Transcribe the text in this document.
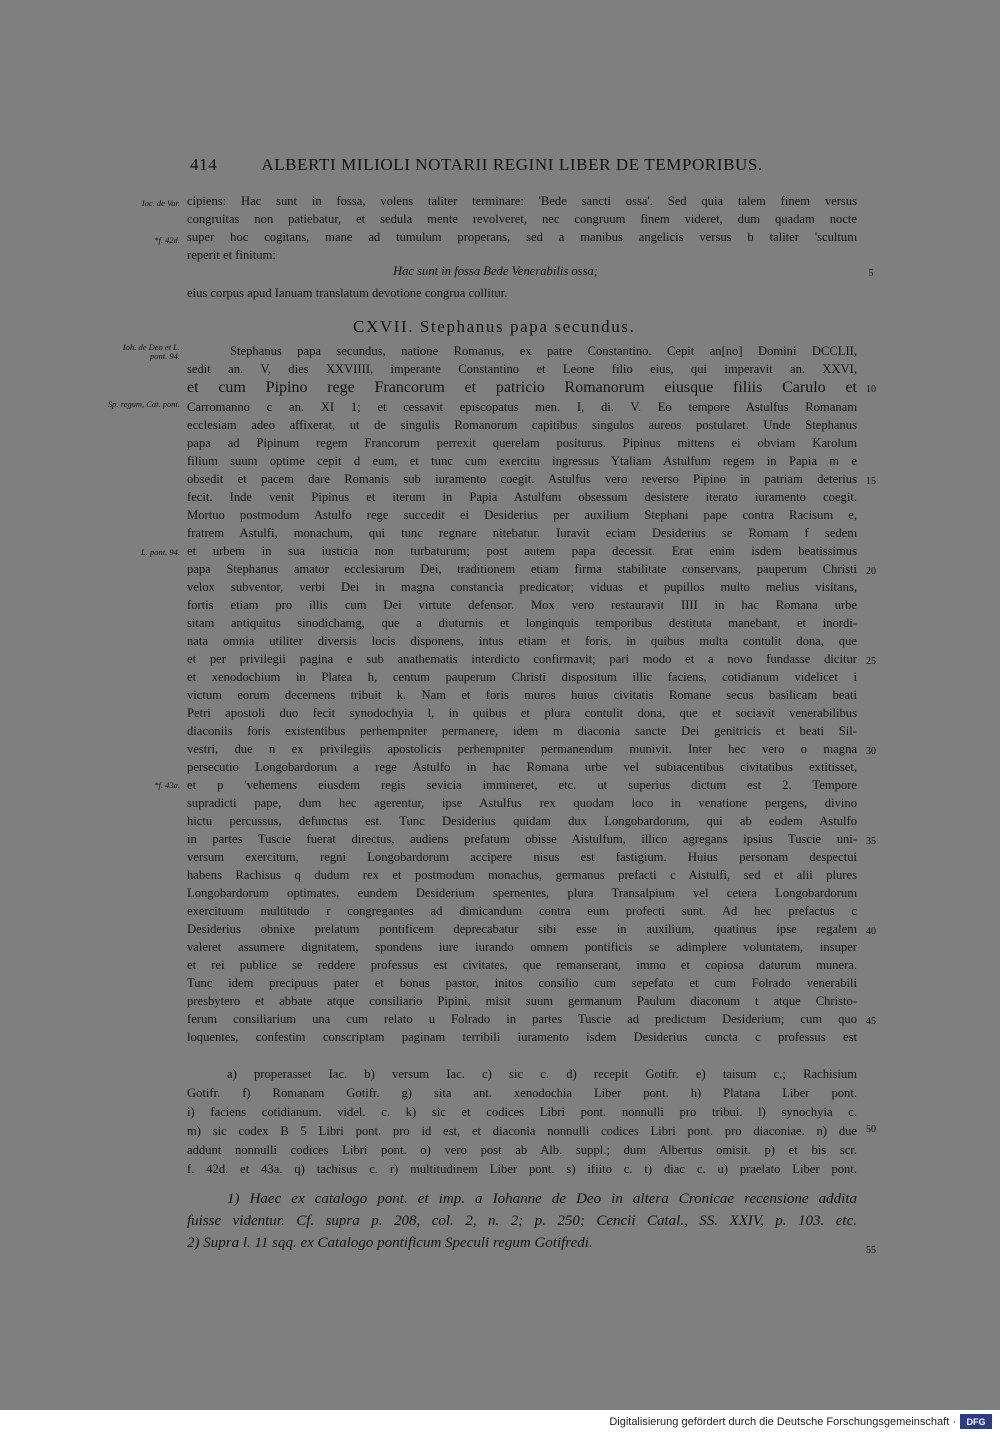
414	ALBERTI MILIOLI NOTARII REGINI LIBER DE TEMPORIBUS.
Ioc. de Var.
*f. 42d.
Ioh. de Deo et L. pont. 94.
Sp. regum, Cat. pont.
L. pont. 94.
*f. 43a.
5
10
15
20
25
30
35
40
45
50
55

cipiens: Hac sunt in fossa, volens taliter terminare: 'Bede sancti ossa'. Sed quia talem finem versus

congruitas non patiebatur, et sedula mente revolveret, nec congruum finem videret, dum quadam nocte

super hoc cogitans, mane ad tumulum properans, sed a manibus angelicis versus b taliter 'scultum

reperit et finitum:

Hac sunt in fossa Bede Venerabilis ossa;

eius corpus apud Ianuam translatum devotione congrua collitur.

CXVII. Stephanus papa secundus.

Stephanus papa secundus, natione Romanus, ex patre Constantino. Cepit an[no] Domini DCCLII,

sedit an. V, dies XXVIIII, imperante Constantino et Leone filio eius, qui imperavit an. XXVI,

et cum Pipino rege Francorum et patricio Romanorum eiusque filiis Carulo et

Carromanno c an. XI 1; et cessavit episcopatus men. I, di. V. Eo tempore Astulfus Romanam

ecclesiam adeo affixerat, ut de singulis Romanorum capitibus singulos aureos postularet. Unde Stephanus

papa ad Pipinum regem Francorum perrexit querelam positurus. Pipinus mittens ei obviam Karolum

filium suum optime cepit d eum, et tunc cum exercitu ingressus Ytaliam Astulfum regem in Papia m e

obsedit et pacem dare Romanis sub iuramento coegit. Astulfus vero reverso Pipino in patriam deterius

fecit. Inde venit Pipinus et iterum in Papia Astulfum obsessum desistere iterato iuramento coegit.

Mortuo postmodum Astulfo rege succedit ei Desiderius per auxilium Stephani pape contra Racisum e,

fratrem Astulfi, monachum, qui tunc regnare nitebatur. Iuravit eciam Desiderius se Romam f sedem

et urbem in sua iusticia non turbaturum; post autem papa decessit. Erat enim isdem beatissimus

papa Stephanus amator ecclesiarum Dei, traditionem etiam firma stabilitate conservans, pauperum Christi

velox subventor, verbi Dei in magna constancia predicator; viduas et pupillos multo melius visitans,

fortis etiam pro illis cum Dei virtute defensor. Mox vero restauravit IIII in hac Romana urbe

sitam antiquitus sinodichamg, que a diuturnis et longinquis temporibus destituta manebant, et inordi-

nata omnia utiliter diversis locis disponens, intus etiam et foris, in quibus multa contulit dona, que

et per privilegii pagina e sub anathematis interdicto confirmavit; pari modo et a novo fundasse dicitur

et xenodochium in Platea h, centum pauperum Christi dispositum illic faciens, cotidianum videlicet i

victum eorum decernens tribuit k. Nam et foris muros huius civitatis Romane secus basilicam beati

Petri apostoli duo fecit synodochyia l, in quibus et plura contulit dona, que et sociavit venerabilibus

diaconiis foris existentibus perhempniter permanere, idem m diaconia sancte Dei genitricis et beati Sil-

vestri, due n ex privilegiis apostolicis perhempniter permanendum munivit. Inter hec vero o magna

persecutio Longobardorum a rege Astulfo in hac Romana urbe vel subiacentibus civitatibus extitisset,

et p 'vehemens eiusdem regis sevicia immineret, etc. ut superius dictum est 2. Tempore

supradicti pape, dum hec agerentur, ipse Astulfus rex quodam loco in venatione pergens, divino

hictu percussus, defunctus est. Tunc Desiderius quidam dux Longobardorum, qui ab eodem Astulfo

in partes Tuscie fuerat directus, audiens prefatum obisse Aistulfum, illico agregans ipsius Tuscie uni-

versum exercitum, regni Longobardorum accipere nisus est fastigium. Huius personam despectui

habens Rachisus q dudum rex et postmodum monachus, germanus prefacti c Aistulfi, sed et alii plures

Longobardorum optimates, eundem Desiderium spernentes, plura Transalpium vel cetera Longobardorum

exercituum multitudo r congregantes ad dimicandum contra eum profecti sunt. Ad hec prefactus c

Desiderius obnixe prelatum pontificem deprecabatur sibi esse in auxilium, quatinus ipse regalem

valeret assumere dignitatem, spondens iure iurando omnem pontificis se adimplere voluntatem, insuper

et rei publice se reddere professus est civitates, que remanserant, immo et copiosa daturum munera.

Tunc idem precipuus pater et bonus pastor, initos consilio cum sepefato et cum Folrado venerabili

presbytero et abbate atque consiliario Pipini, misit suum germanum Paulum diaconum t atque Christo-

ferum consiliarium una cum relato u Folrado in partes Tuscie ad predictum Desiderium; cum quo

loquentes, confestim conscriptam paginam terribili iuramento isdem Desiderius cuncta c professus est

a) properasset Iac. b) versum Iac. c) sic c. d) recepit Gotifr. e) taisum c.; Rachisium

Gotifr. f) Romanam Gotifr. g) sita ant. xenodochia Liber pont. h) Platana Liber pont.

i) faciens cotidianum. videl. c. k) sic et codices Libri pont. nonnulli pro tribui. l) synochyia c.

m) sic codex B 5 Libri pont. pro id est, et diaconia nonnulli codices Libri pont. pro diaconiae. n) due

addunt nonnulli codices Libri pont. o) vero post ab Alb. suppl.; dum Albertus omisit. p) et bis scr.

f. 42d. et 43a. q) tachisus c. r) multitudinem Liber pont. s) ifiito c. t) diac c. u) praelato Liber pont.

1) Haec ex catalogo pont. et imp. a Iohanne de Deo in altera Cronicae recensione addita

fuisse videntur. Cf. supra p. 208, col. 2, n. 2; p. 250; Cencii Catal., SS. XXIV, p. 103. etc.

2) Supra l. 11 sqq. ex Catalogo pontificum Speculi regum Gotifredi.

Digitalisierung gefördert durch die Deutsche Forschungsgemeinschaft ·	DFG
